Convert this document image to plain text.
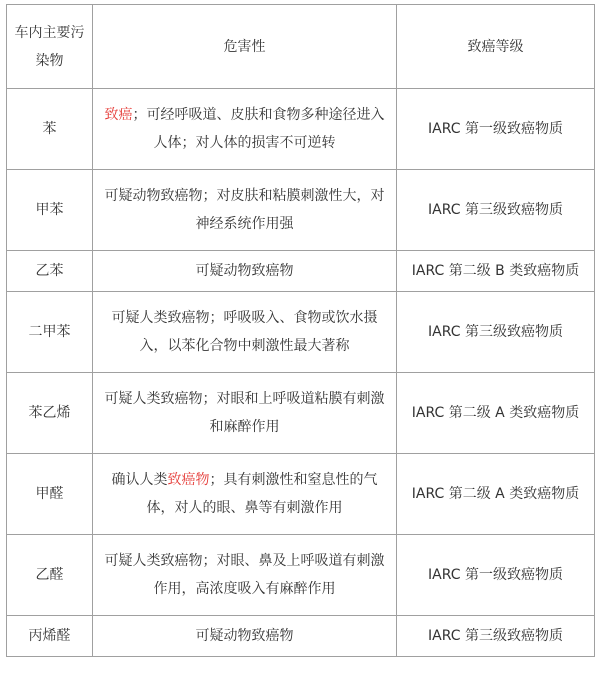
车内主要污染物	危害性	致癌等级
苯	致癌；可经呼吸道、皮肤和食物多种途径进入人体；对人体的损害不可逆转	IARC 第一级致癌物质
甲苯	可疑动物致癌物；对皮肤和粘膜刺激性大，对神经系统作用强	IARC 第三级致癌物质
乙苯	可疑动物致癌物	IARC 第二级 B 类致癌物质
二甲苯	可疑人类致癌物；呼吸吸入、食物或饮水摄入，以苯化合物中刺激性最大著称	IARC 第三级致癌物质
苯乙烯	可疑人类致癌物；对眼和上呼吸道粘膜有刺激和麻醉作用	IARC 第二级 A 类致癌物质
甲醛	确认人类致癌物；具有刺激性和窒息性的气体，对人的眼、鼻等有刺激作用	IARC 第二级 A 类致癌物质
乙醛	可疑人类致癌物；对眼、鼻及上呼吸道有刺激作用，高浓度吸入有麻醉作用	IARC 第一级致癌物质
丙烯醛	可疑动物致癌物	IARC 第三级致癌物质
